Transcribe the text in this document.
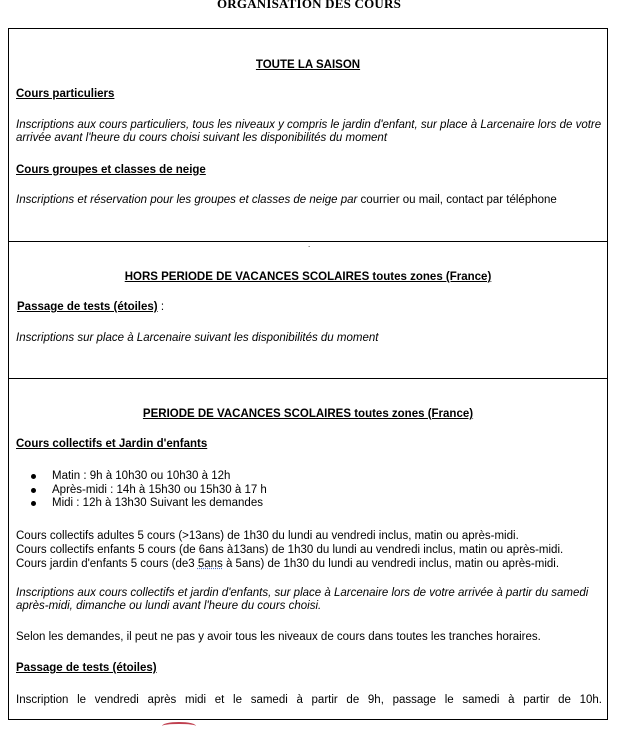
ORGANISATION DES COURS

TOUTE LA SAISON

Cours particuliers

Inscriptions aux cours particuliers, tous les niveaux y compris le jardin d'enfant, sur place à Larcenaire lors de votre arrivée avant l'heure du cours choisi suivant les disponibilités du moment

Cours groupes et classes de neige

Inscriptions et réservation pour les groupes et classes de neige par courrier ou mail, contact par téléphone

.

HORS PERIODE DE VACANCES SCOLAIRES toutes zones (France)

Passage de tests (étoiles) :

Inscriptions sur place à Larcenaire suivant les disponibilités du moment

PERIODE DE VACANCES SCOLAIRES toutes zones (France)

Cours collectifs et Jardin d'enfants

Matin : 9h à 10h30 ou 10h30 à 12h
Après-midi : 14h à 15h30 ou 15h30 à 17 h
Midi : 12h à 13h30 Suivant les demandes
Cours collectifs adultes 5 cours (>13ans) de 1h30 du lundi au vendredi inclus, matin ou après-midi.
Cours collectifs enfants 5 cours (de 6ans à13ans) de 1h30 du lundi au vendredi inclus, matin ou après-midi.
Cours jardin d'enfants 5 cours (de3 5ans à 5ans) de 1h30 du lundi au vendredi inclus, matin ou après-midi.

Inscriptions aux cours collectifs et jardin d'enfants, sur place à Larcenaire lors de votre arrivée à partir du samedi après-midi, dimanche ou lundi avant l'heure du cours choisi.

Selon les demandes, il peut ne pas y avoir tous les niveaux de cours dans toutes les tranches horaires.

Passage de tests (étoiles)

Inscription le vendredi après midi et le samedi à partir de 9h, passage le samedi à partir de 10h.
